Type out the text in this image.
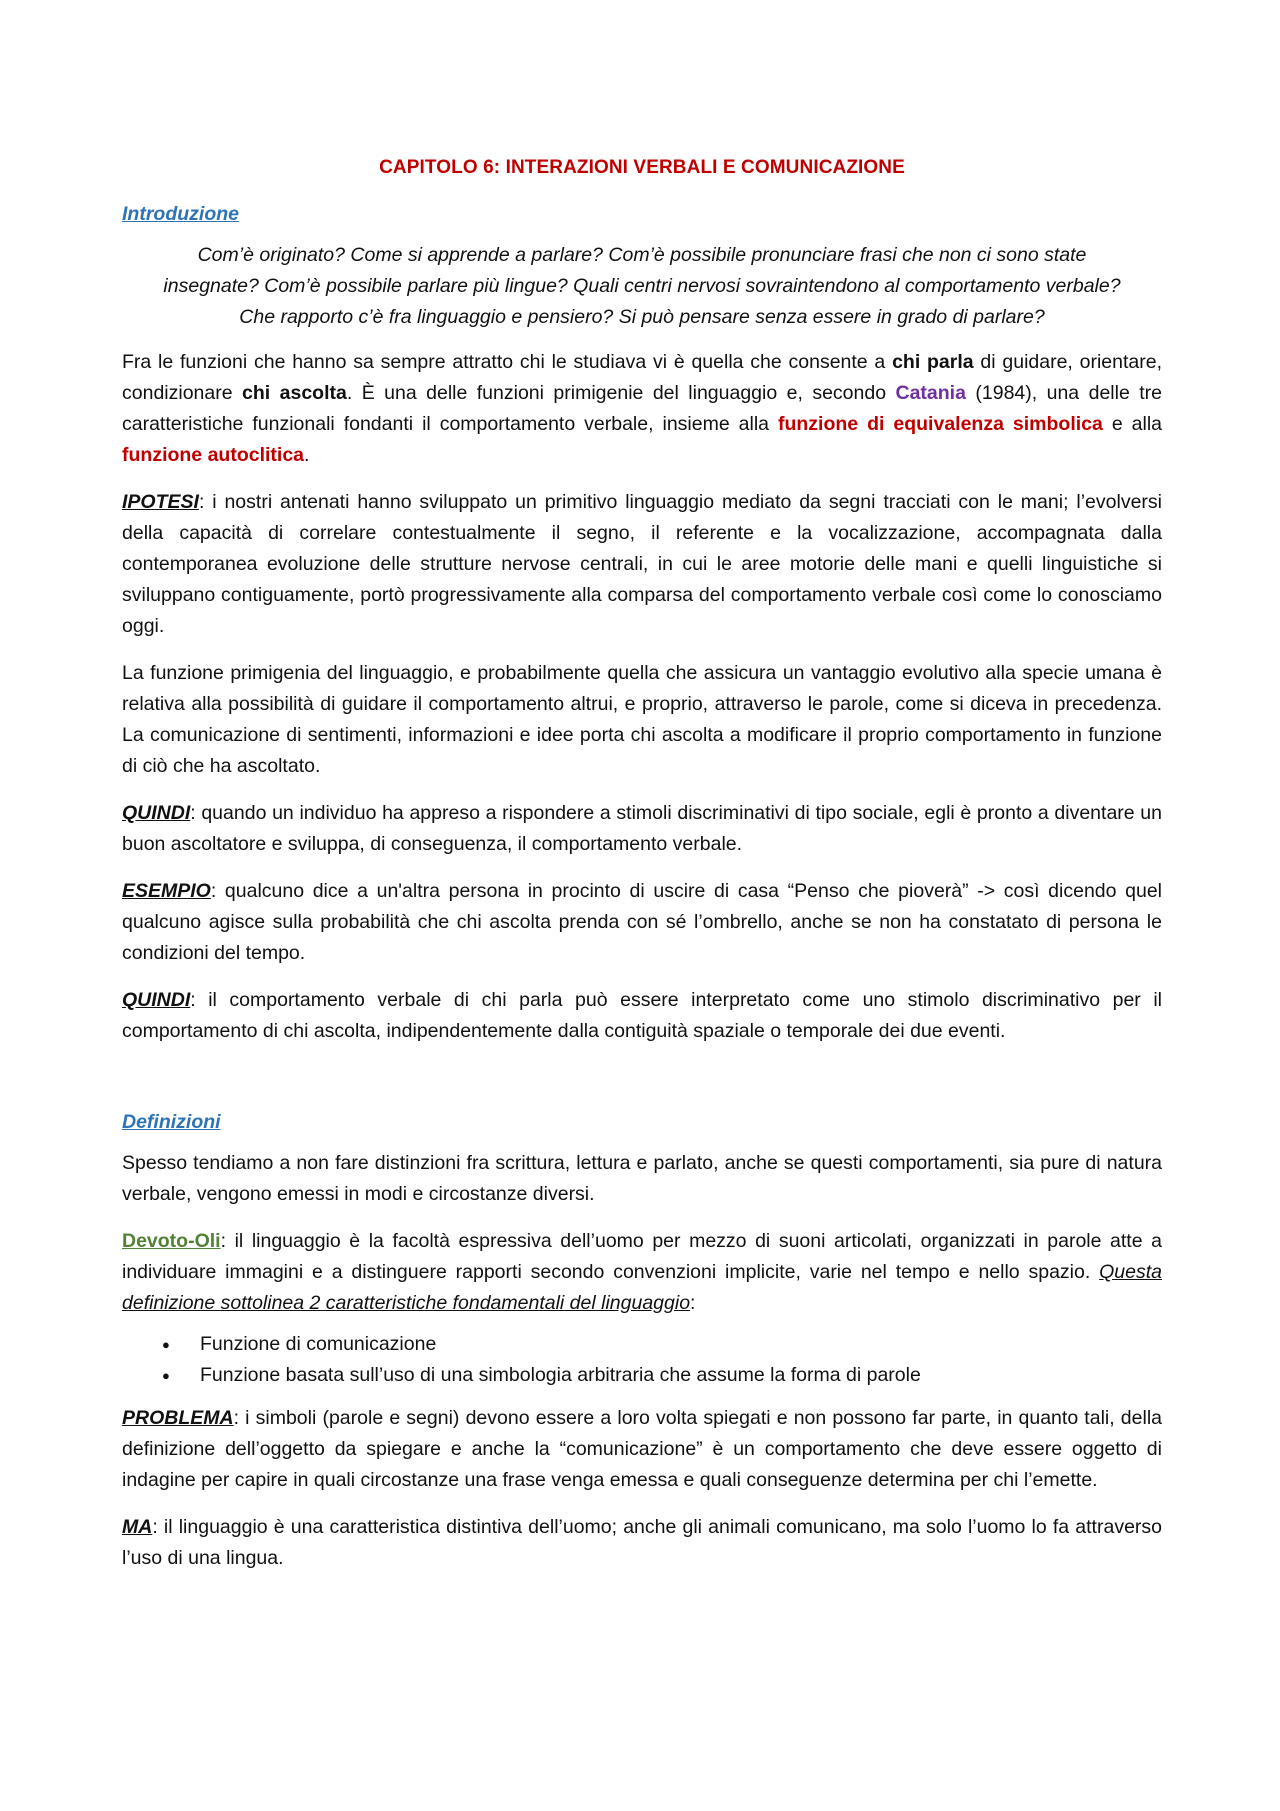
CAPITOLO 6: INTERAZIONI VERBALI E COMUNICAZIONE
Introduzione
Com’è originato? Come si apprende a parlare? Com’è possibile pronunciare frasi che non ci sono state insegnate? Com’è possibile parlare più lingue? Quali centri nervosi sovraintendono al comportamento verbale? Che rapporto c’è fra linguaggio e pensiero? Si può pensare senza essere in grado di parlare?

Fra le funzioni che hanno sa sempre attratto chi le studiava vi è quella che consente a chi parla di guidare, orientare, condizionare chi ascolta. È una delle funzioni primigenie del linguaggio e, secondo Catania (1984), una delle tre caratteristiche funzionali fondanti il comportamento verbale, insieme alla funzione di equivalenza simbolica e alla funzione autoclitica.

IPOTESI: i nostri antenati hanno sviluppato un primitivo linguaggio mediato da segni tracciati con le mani; l’evolversi della capacità di correlare contestualmente il segno, il referente e la vocalizzazione, accompagnata dalla contemporanea evoluzione delle strutture nervose centrali, in cui le aree motorie delle mani e quelli linguistiche si sviluppano contiguamente, portò progressivamente alla comparsa del comportamento verbale così come lo conosciamo oggi.

La funzione primigenia del linguaggio, e probabilmente quella che assicura un vantaggio evolutivo alla specie umana è relativa alla possibilità di guidare il comportamento altrui, e proprio, attraverso le parole, come si diceva in precedenza. La comunicazione di sentimenti, informazioni e idee porta chi ascolta a modificare il proprio comportamento in funzione di ciò che ha ascoltato.

QUINDI: quando un individuo ha appreso a rispondere a stimoli discriminativi di tipo sociale, egli è pronto a diventare un buon ascoltatore e sviluppa, di conseguenza, il comportamento verbale.

ESEMPIO: qualcuno dice a un'altra persona in procinto di uscire di casa “Penso che pioverà” -> così dicendo quel qualcuno agisce sulla probabilità che chi ascolta prenda con sé l’ombrello, anche se non ha constatato di persona le condizioni del tempo.

QUINDI: il comportamento verbale di chi parla può essere interpretato come uno stimolo discriminativo per il comportamento di chi ascolta, indipendentemente dalla contiguità spaziale o temporale dei due eventi.

Definizioni

Spesso tendiamo a non fare distinzioni fra scrittura, lettura e parlato, anche se questi comportamenti, sia pure di natura verbale, vengono emessi in modi e circostanze diversi.

Devoto-Oli: il linguaggio è la facoltà espressiva dell’uomo per mezzo di suoni articolati, organizzati in parole atte a individuare immagini e a distinguere rapporti secondo convenzioni implicite, varie nel tempo e nello spazio. Questa definizione sottolinea 2 caratteristiche fondamentali del linguaggio:

● Funzione di comunicazione
● Funzione basata sull’uso di una simbologia arbitraria che assume la forma di parole

PROBLEMA: i simboli (parole e segni) devono essere a loro volta spiegati e non possono far parte, in quanto tali, della definizione dell’oggetto da spiegare e anche la “comunicazione” è un comportamento che deve essere oggetto di indagine per capire in quali circostanze una frase venga emessa e quali conseguenze determina per chi l’emette.

MA: il linguaggio è una caratteristica distintiva dell’uomo; anche gli animali comunicano, ma solo l’uomo lo fa attraverso l’uso di una lingua.
